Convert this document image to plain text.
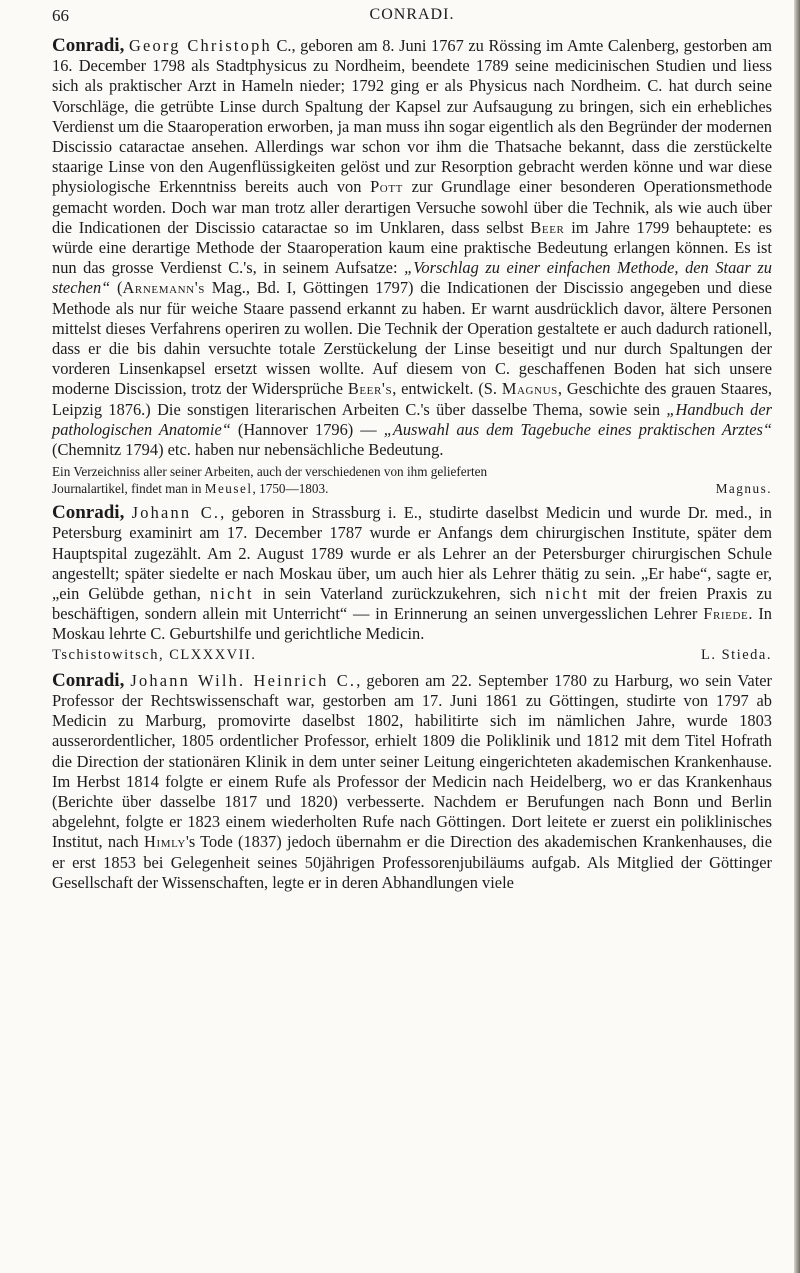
66	CONRADI.

Conradi, Georg Christoph C., geboren am 8. Juni 1767 zu Rössing im Amte Calenberg, gestorben am 16. December 1798 als Stadtphysicus zu Nordheim, beendete 1789 seine medicinischen Studien und liess sich als praktischer Arzt in Hameln nieder; 1792 ging er als Physicus nach Nordheim. C. hat durch seine Vorschläge, die getrübte Linse durch Spaltung der Kapsel zur Aufsaugung zu bringen, sich ein erhebliches Verdienst um die Staaroperation erworben, ja man muss ihn sogar eigentlich als den Begründer der modernen Discissio cataractae ansehen. Allerdings war schon vor ihm die Thatsache bekannt, dass die zerstückelte staarige Linse von den Augenflüssigkeiten gelöst und zur Resorption gebracht werden könne und war diese physiologische Erkenntniss bereits auch von Pott zur Grundlage einer besonderen Operationsmethode gemacht worden. Doch war man trotz aller derartigen Versuche sowohl über die Technik, als wie auch über die Indicationen der Discissio cataractae so im Unklaren, dass selbst Beer im Jahre 1799 behauptete: es würde eine derartige Methode der Staaroperation kaum eine praktische Bedeutung erlangen können. Es ist nun das grosse Verdienst C.'s, in seinem Aufsatze: „Vorschlag zu einer einfachen Methode, den Staar zu stechen“ (Arnemann's Mag., Bd. I, Göttingen 1797) die Indicationen der Discissio angegeben und diese Methode als nur für weiche Staare passend erkannt zu haben. Er warnt ausdrücklich davor, ältere Personen mittelst dieses Verfahrens operiren zu wollen. Die Technik der Operation gestaltete er auch dadurch rationell, dass er die bis dahin versuchte totale Zerstückelung der Linse beseitigt und nur durch Spaltungen der vorderen Linsenkapsel ersetzt wissen wollte. Auf diesem von C. geschaffenen Boden hat sich unsere moderne Discission, trotz der Widersprüche Beer's, entwickelt. (S. Magnus, Geschichte des grauen Staares, Leipzig 1876.) Die sonstigen literarischen Arbeiten C.'s über dasselbe Thema, sowie sein „Handbuch der pathologischen Anatomie“ (Hannover 1796) — „Auswahl aus dem Tagebuche eines praktischen Arztes“ (Chemnitz 1794) etc. haben nur nebensächliche Bedeutung.

Ein Verzeichniss aller seiner Arbeiten, auch der verschiedenen von ihm gelieferten

Journalartikel, findet man in Meusel, 1750—1803.	Magnus.

Conradi, Johann C., geboren in Strassburg i. E., studirte daselbst Medicin und wurde Dr. med., in Petersburg examinirt am 17. December 1787 wurde er Anfangs dem chirurgischen Institute, später dem Hauptspital zugezählt. Am 2. August 1789 wurde er als Lehrer an der Petersburger chirurgischen Schule angestellt; später siedelte er nach Moskau über, um auch hier als Lehrer thätig zu sein. „Er habe“, sagte er, „ein Gelübde gethan, nicht in sein Vaterland zurückzukehren, sich nicht mit der freien Praxis zu beschäftigen, sondern allein mit Unterricht“ — in Erinnerung an seinen unvergesslichen Lehrer Friede. In Moskau lehrte C. Geburtshilfe und gerichtliche Medicin.

Tschistowitsch, CLXXXVII.	L. Stieda.

Conradi, Johann Wilh. Heinrich C., geboren am 22. September 1780 zu Harburg, wo sein Vater Professor der Rechtswissenschaft war, gestorben am 17. Juni 1861 zu Göttingen, studirte von 1797 ab Medicin zu Marburg, promovirte daselbst 1802, habilitirte sich im nämlichen Jahre, wurde 1803 ausserordentlicher, 1805 ordentlicher Professor, erhielt 1809 die Poliklinik und 1812 mit dem Titel Hofrath die Direction der stationären Klinik in dem unter seiner Leitung eingerichteten akademischen Krankenhause. Im Herbst 1814 folgte er einem Rufe als Professor der Medicin nach Heidelberg, wo er das Krankenhaus (Berichte über dasselbe 1817 und 1820) verbesserte. Nachdem er Berufungen nach Bonn und Berlin abgelehnt, folgte er 1823 einem wiederholten Rufe nach Göttingen. Dort leitete er zuerst ein poliklinisches Institut, nach Himly's Tode (1837) jedoch übernahm er die Direction des akademischen Krankenhauses, die er erst 1853 bei Gelegenheit seines 50jährigen Professorenjubiläums aufgab. Als Mitglied der Göttinger Gesellschaft der Wissenschaften, legte er in deren Abhandlungen viele
